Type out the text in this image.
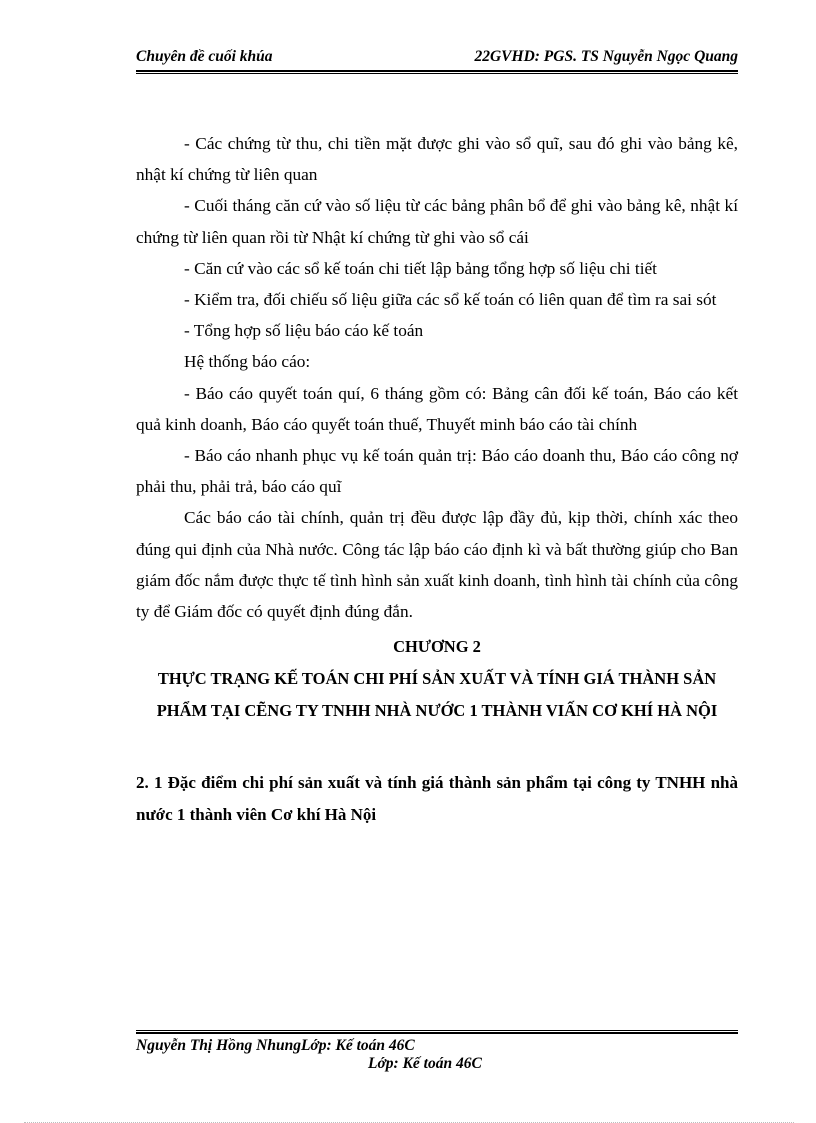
Chuyên đề cuối khúa	22GVHD: PGS. TS Nguyễn Ngọc Quang

- Các chứng từ thu, chi tiền mặt được ghi vào sổ quĩ, sau đó ghi vào bảng kê, nhật kí chứng từ liên quan

- Cuối tháng căn cứ vào số liệu từ các bảng phân bổ để ghi vào bảng kê, nhật kí chứng từ liên quan rồi từ Nhật kí chứng từ ghi vào sổ cái

- Căn cứ vào các sổ kế toán chi tiết lập bảng tổng hợp số liệu chi tiết

- Kiểm tra, đối chiếu số liệu giữa các sổ kế toán có liên quan để tìm ra sai sót

- Tổng hợp số liệu báo cáo kế toán

Hệ thống báo cáo:

- Báo cáo quyết toán quí, 6 tháng gồm có: Bảng cân đối kế toán, Báo cáo kết quả kinh doanh, Báo cáo quyết toán thuế, Thuyết minh báo cáo tài chính

- Báo cáo nhanh phục vụ kế toán quản trị: Báo cáo doanh thu, Báo cáo công nợ phải thu, phải trả, báo cáo quĩ

Các báo cáo tài chính, quản trị đều được lập đầy đủ, kịp thời, chính xác theo đúng qui định của Nhà nước. Công tác lập báo cáo định kì và bất thường giúp cho Ban giám đốc nắm được thực tế tình hình sản xuất kinh doanh, tình hình tài chính của công ty để Giám đốc có quyết định đúng đắn.

CHƯƠNG 2

THỰC TRẠNG KẾ TOÁN CHI PHÍ SẢN XUẤT VÀ TÍNH GIÁ THÀNH SẢN PHẨM TẠI CẼNG TY TNHH NHÀ NƯỚC 1 THÀNH VIẤN CƠ KHÍ HÀ NỘI

2. 1 Đặc điểm chi phí sản xuất và tính giá thành sản phẩm tại công ty TNHH nhà nước 1 thành viên Cơ khí Hà Nội

Nguyễn Thị Hồng NhungLớp: Kế toán 46C
Lớp: Kế toán 46C
